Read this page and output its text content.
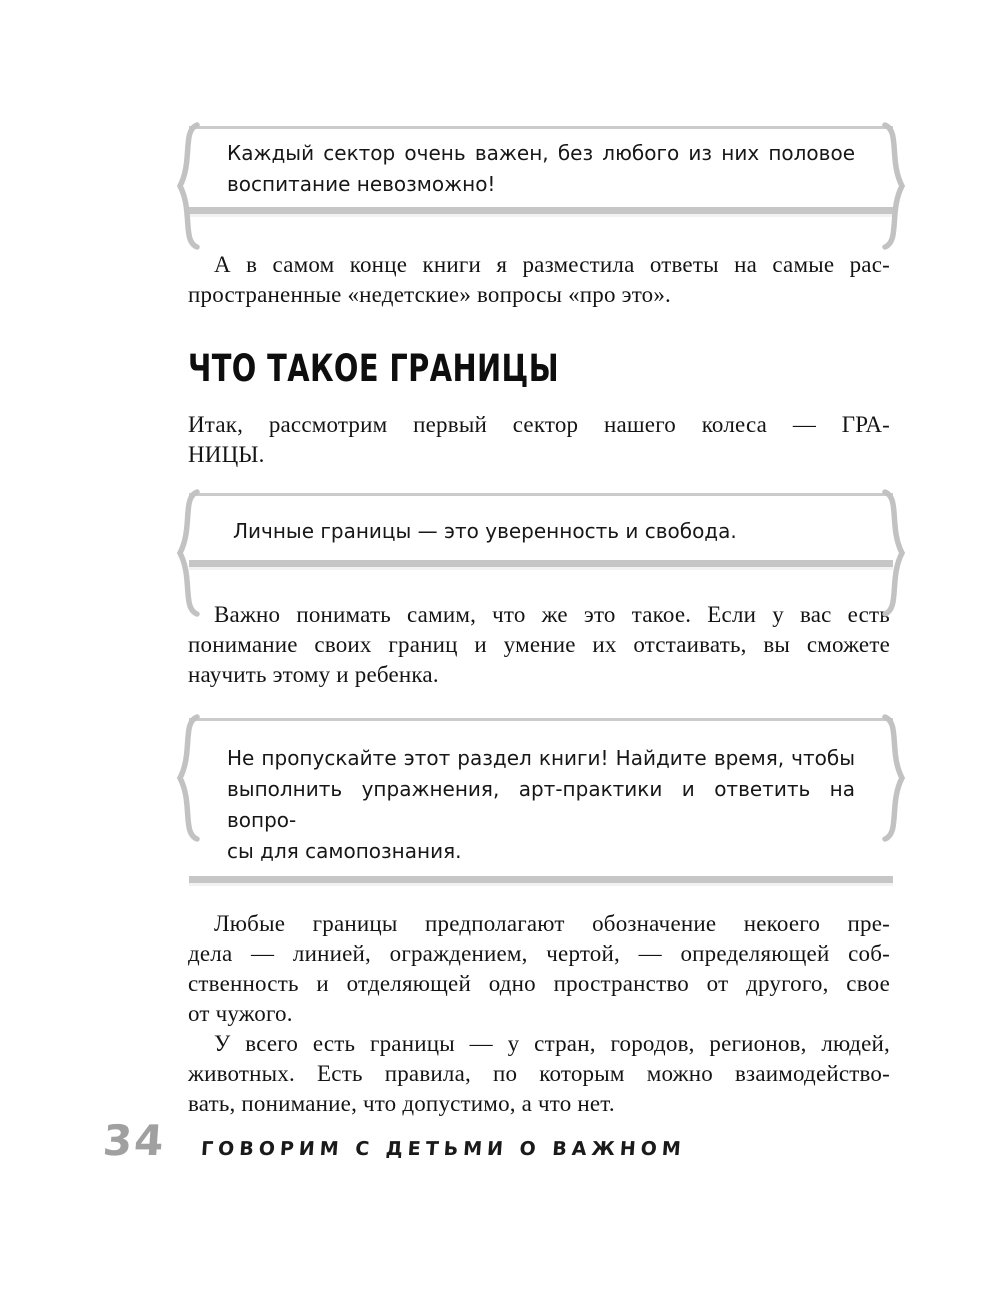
Каждый сектор очень важен, без любого из них половое
воспитание невозможно!
А в самом конце книги я разместила ответы на самые рас-
пространенные «недетские» вопросы «про это».
ЧТО ТАКОЕ ГРАНИЦЫ
Итак, рассмотрим первый сектор нашего колеса — ГРА-
НИЦЫ.
Личные границы — это уверенность и свобода.
Важно понимать самим, что же это такое. Если у вас есть
понимание своих границ и умение их отстаивать, вы сможете
научить этому и ребенка.
Не пропускайте этот раздел книги! Найдите время, чтобы
выполнить упражнения, арт-практики и ответить на вопро-
сы для самопознания.
Любые границы предполагают обозначение некоего пре-
дела — линией, ограждением, чертой, — определяющей соб-
ственность и отделяющей одно пространство от другого, свое
от чужого.
У всего есть границы — у стран, городов, регионов, людей,
животных. Есть правила, по которым можно взаимодейство-
вать, понимание, что допустимо, а что нет.
34 ГОВОРИМ С ДЕТЬМИ О ВАЖНОМ
